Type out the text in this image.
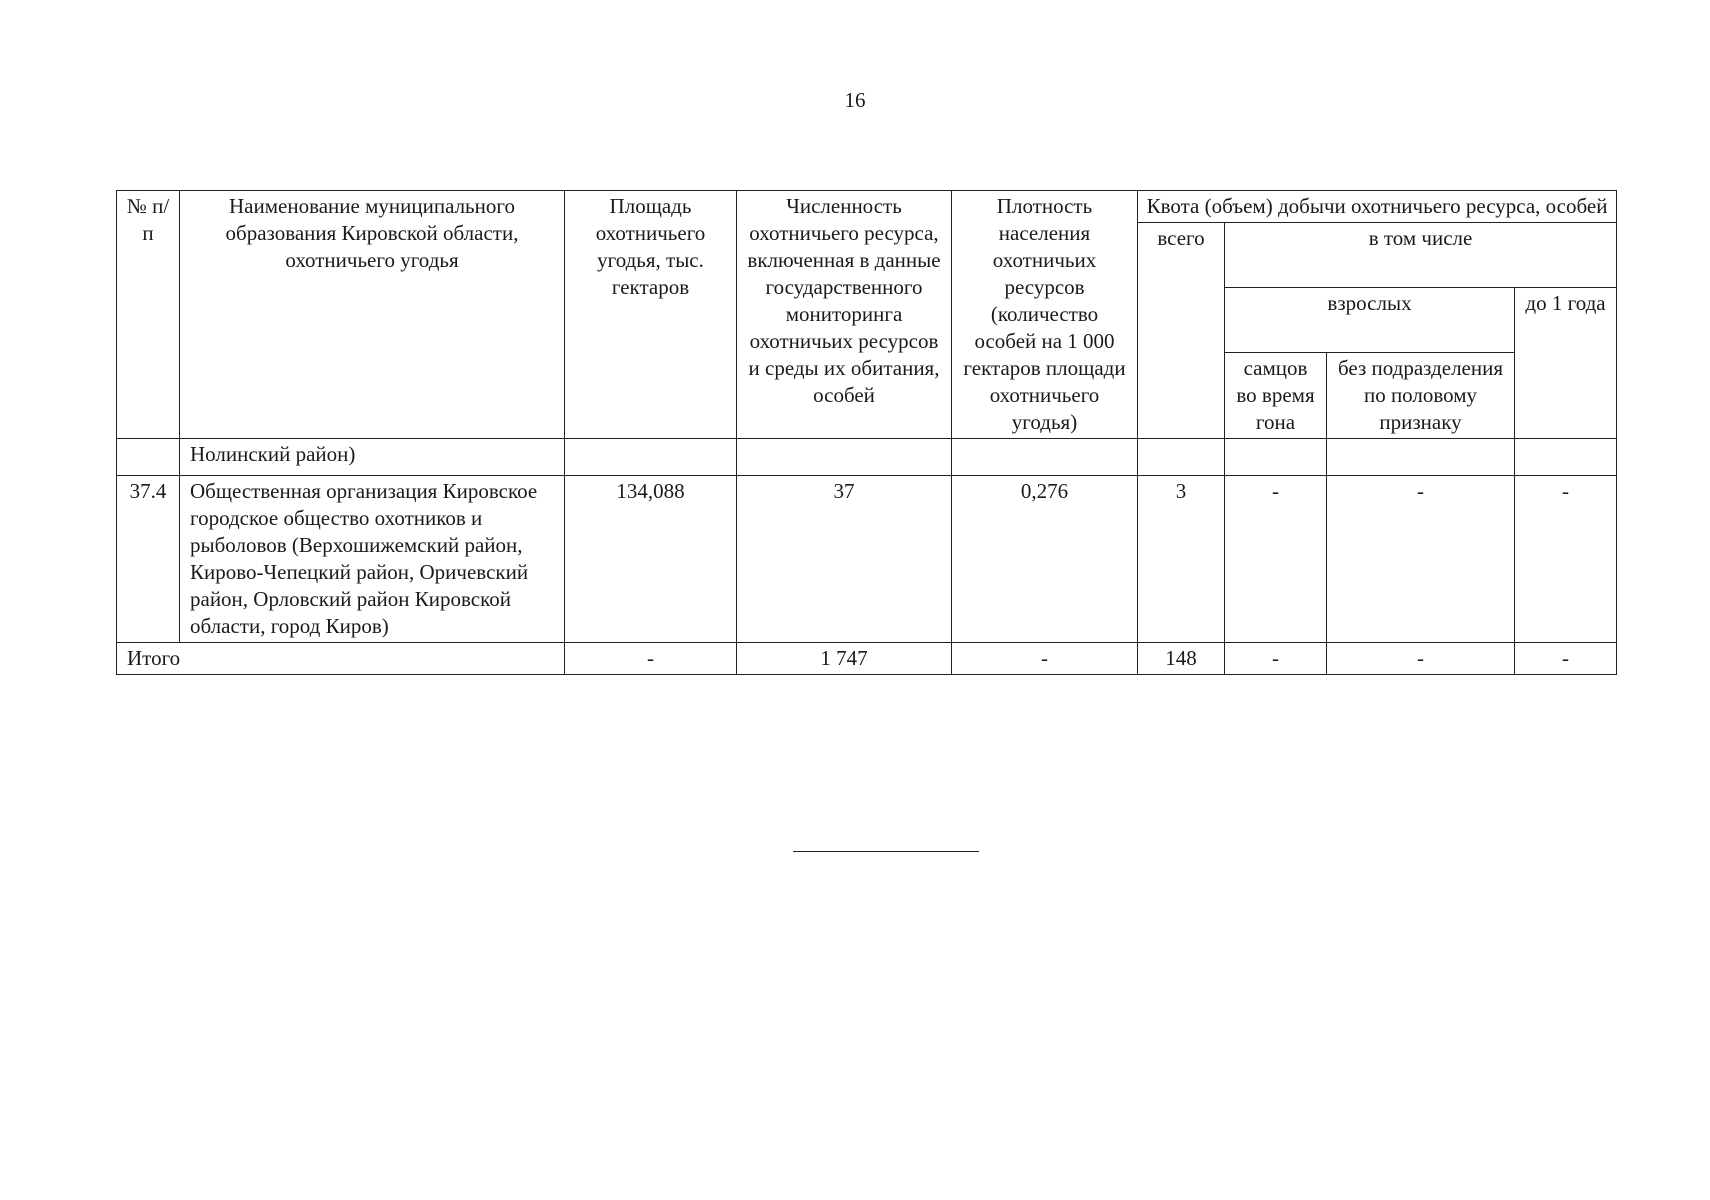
16
№ п/п	Наименование муниципального образования Кировской области, охотничьего угодья	Площадь охотничьего угодья, тыс. гектаров	Численность охотничьего ресурса, включенная в данные государственного мониторинга охотничьих ресурсов и среды их обитания, особей	Плотность населения охотничьих ресурсов (количество особей на 1 000 гектаров площади охотничьего угодья)	Квота (объем) добычи охотничьего ресурса, особей			
					всего	в том числе		
						взрослых		до 1 года
						самцов во время гона	без подразделения по половому признаку	
	Нолинский район)							
37.4	Общественная организация Кировское городское общество охотников и рыболовов (Верхошижемский район, Кирово-Чепецкий район, Оричевский район, Орловский район Кировской области, город Киров)	134,088	37	0,276	3	-	-	-
Итого		-	1 747	-	148	-	-	-
